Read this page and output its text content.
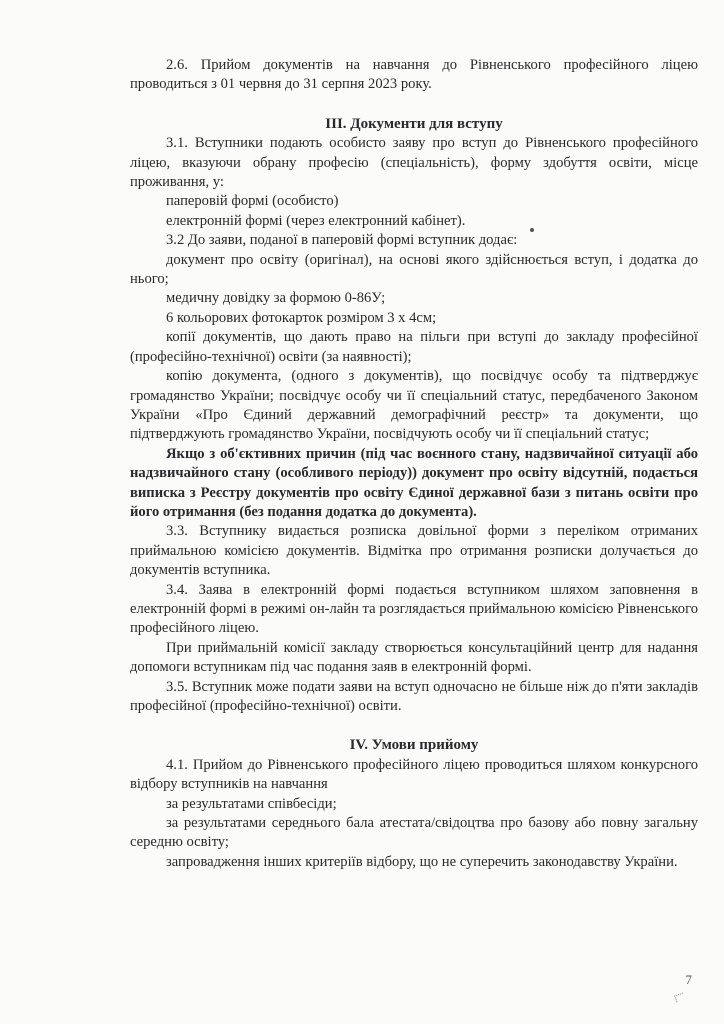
2.6. Прийом документів на навчання до Рівненського професійного ліцею проводиться з 01 червня до 31 серпня 2023 року.

ІІІ. Документи для вступу

3.1. Вступники подають особисто заяву про вступ до Рівненського професійного ліцею, вказуючи обрану професію (спеціальність), форму здобуття освіти, місце проживання, у:

паперовій формі (особисто)

електронній формі (через електронний кабінет).

3.2 До заяви, поданої в паперовій формі вступник додає:

документ про освіту (оригінал), на основі якого здійснюється вступ, і додатка до нього;

медичну довідку за формою 0-86У;

6 кольорових фотокарток розміром 3 х 4см;

копії документів, що дають право на пільги при вступі до закладу професійної (професійно-технічної) освіти (за наявності);

копію документа, (одного з документів), що посвідчує особу та підтверджує громадянство України; посвідчує особу чи її спеціальний статус, передбаченого Законом України «Про Єдиний державний демографічний реєстр» та документи, що підтверджують громадянство України, посвідчують особу чи її спеціальний статус;

Якщо з об'єктивних причин (під час воєнного стану, надзвичайної ситуації або надзвичайного стану (особливого періоду)) документ про освіту відсутній, подається виписка з Реєстру документів про освіту Єдиної державної бази з питань освіти про його отримання (без подання додатка до документа).

3.3. Вступнику видається розписка довільної форми з переліком отриманих приймальною комісією документів. Відмітка про отримання розписки долучається до документів вступника.

3.4. Заява в електронній формі подається вступником шляхом заповнення в електронній формі в режимі он-лайн та розглядається приймальною комісією Рівненського професійного ліцею.

При приймальній комісії закладу створюється консультаційний центр для надання допомоги вступникам під час подання заяв в електронній формі.

3.5. Вступник може подати заяви на вступ одночасно не більше ніж до п'яти закладів професійної (професійно-технічної) освіти.

IV. Умови прийому

4.1. Прийом до Рівненського професійного ліцею проводиться шляхом конкурсного відбору вступників на навчання

за результатами співбесіди;

за результатами середнього бала атестата/свідоцтва про базову або повну загальну середню освіту;

запровадження інших критеріїв відбору, що не суперечить законодавству України.

7
